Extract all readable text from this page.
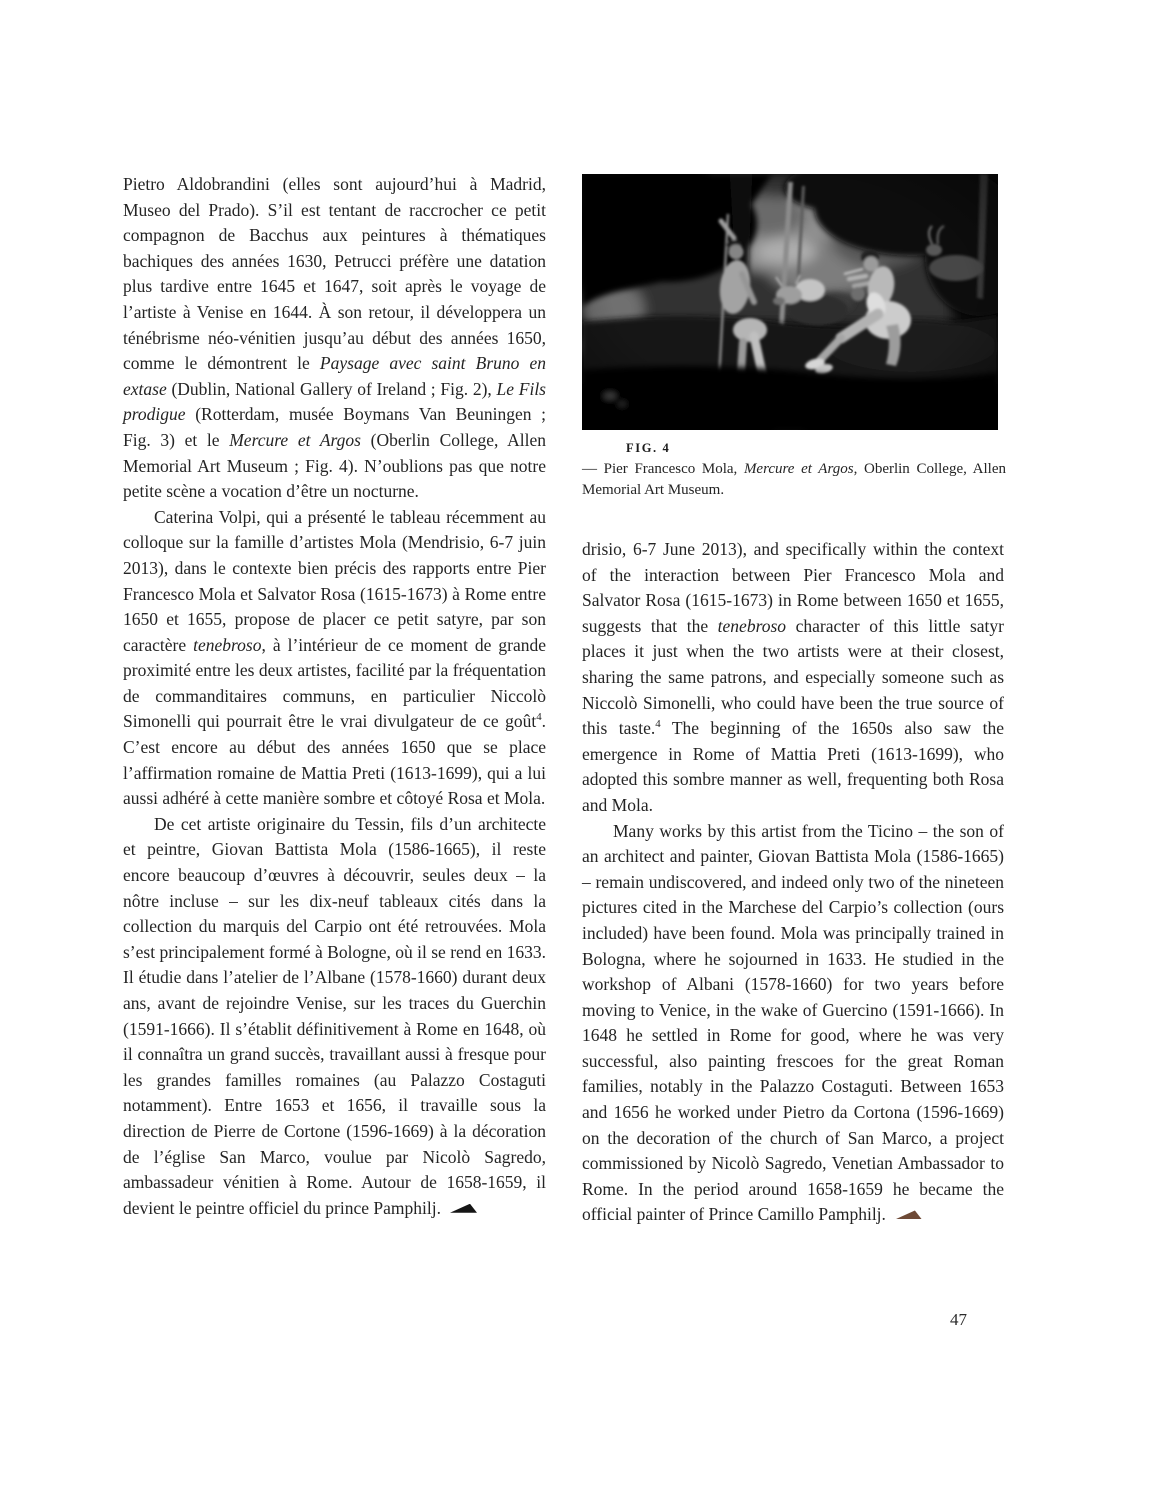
Pietro Aldobrandini (elles sont aujourd’hui à Madrid, Museo del Prado). S’il est tentant de raccrocher ce petit compagnon de Bacchus aux peintures à thématiques bachiques des années 1630, Petrucci préfère une datation plus tardive entre 1645 et 1647, soit après le voyage de l’artiste à Venise en 1644. À son retour, il développera un ténébrisme néo-vénitien jusqu’au début des années 1650, comme le démontrent le Paysage avec saint Bruno en extase (Dublin, National Gallery of Ireland ; Fig. 2), Le Fils prodigue (Rotterdam, musée Boymans Van Beuningen ; Fig. 3) et le Mercure et Argos (Oberlin College, Allen Memorial Art Museum ; Fig. 4). N’oublions pas que notre petite scène a vocation d’être un nocturne.

Caterina Volpi, qui a présenté le tableau récemment au colloque sur la famille d’artistes Mola (Mendrisio, 6-7 juin 2013), dans le contexte bien précis des rapports entre Pier Francesco Mola et Salvator Rosa (1615-1673) à Rome entre 1650 et 1655, propose de placer ce petit satyre, par son caractère tenebroso, à l’intérieur de ce moment de grande proximité entre les deux artistes, facilité par la fréquentation de commanditaires communs, en particulier Niccolò Simonelli qui pourrait être le vrai divulgateur de ce goût$^4$. C’est encore au début des années 1650 que se place l’affirmation romaine de Mattia Preti (1613-1699), qui a lui aussi adhéré à cette manière sombre et côtoyé Rosa et Mola.

De cet artiste originaire du Tessin, fils d’un architecte et peintre, Giovan Battista Mola (1586-1665), il reste encore beaucoup d’œuvres à découvrir, seules deux – la nôtre incluse – sur les dix-neuf tableaux cités dans la collection du marquis del Carpio ont été retrouvées. Mola s’est principalement formé à Bologne, où il se rend en 1633. Il étudie dans l’atelier de l’Albane (1578-1660) durant deux ans, avant de rejoindre Venise, sur les traces du Guerchin (1591-1666). Il s’établit définitivement à Rome en 1648, où il connaîtra un grand succès, travaillant aussi à fresque pour les grandes familles romaines (au Palazzo Costaguti notamment). Entre 1653 et 1656, il travaille sous la direction de Pierre de Cortone (1596-1669) à la décoration de l’église San Marco, voulue par Nicolò Sagredo, ambassadeur vénitien à Rome. Autour de 1658-1659, il devient le peintre officiel du prince Pamphilj.

FIG. 4
— Pier Francesco Mola, Mercure et Argos, Oberlin College, Allen Memorial Art Museum.

drisio, 6-7 June 2013), and specifically within the context of the interaction between Pier Francesco Mola and Salvator Rosa (1615-1673) in Rome between 1650 et 1655, suggests that the tenebroso character of this little satyr places it just when the two artists were at their closest, sharing the same patrons, and especially someone such as Niccolò Simonelli, who could have been the true source of this taste.$^4$ The beginning of the 1650s also saw the emergence in Rome of Mattia Preti (1613-1699), who adopted this sombre manner as well, frequenting both Rosa and Mola.

Many works by this artist from the Ticino – the son of an architect and painter, Giovan Battista Mola (1586-1665) – remain undiscovered, and indeed only two of the nineteen pictures cited in the Marchese del Carpio’s collection (ours included) have been found. Mola was principally trained in Bologna, where he sojourned in 1633. He studied in the workshop of Albani (1578-1660) for two years before moving to Venice, in the wake of Guercino (1591-1666). In 1648 he settled in Rome for good, where he was very successful, also painting frescoes for the great Roman families, notably in the Palazzo Costaguti. Between 1653 and 1656 he worked under Pietro da Cortona (1596-1669) on the decoration of the church of San Marco, a project commissioned by Nicolò Sagredo, Venetian Ambassador to Rome. In the period around 1658-1659 he became the official painter of Prince Camillo Pamphilj.

47
